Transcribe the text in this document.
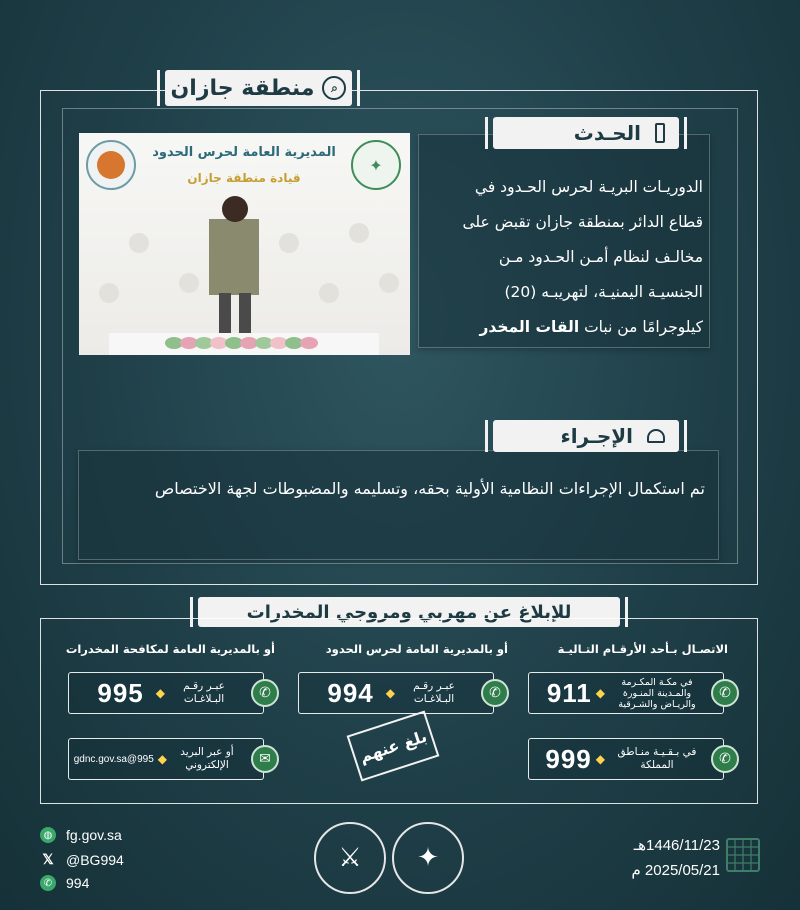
⌕
منطقة جازان
✦
المديرية العامة لحرس الحدود
قيادة منطقة جازان
الحـدث
الدوريـات البريـة لحرس الحـدود في
قطاع الدائر بمنطقة جازان تقبض على
مخالـف لنظام أمـن الحـدود مـن
الجنسيـة اليمنيـة، لتهريبـه (20)
كيلوجرامًا من نبات القات المخدر
الإجـراء
تم استكمال الإجراءات النظامية الأولية بحقه، وتسليمه والمضبوطات لجهة الاختصاص
للإبلاغ عن مهربي ومروجي المخدرات
الاتصـال بـأحد الأرقـام التـاليـة
أو بالمديرية العامة لحرس الحدود
أو بالمديرية العامة لمكافحة المخدرات
✆
في مكـة المكـرمة والمـدينة المنـورة والريـاض والشـرقية
◆
911
✆
في بـقـيـة منـاطق المملكة
◆
999
✆
عبـر رقـم البـلاغـات
◆
994
✆
عبـر رقـم البـلاغـات
◆
995
✉
أو عبر البريد الإلكتروني
◆
995@gdnc.gov.sa	بلغ عنهم
◍ fg.gov.sa
𝕏 @BG994
✆ 994
⚔	✦	1446/11/23هـ
2025/05/21 م
